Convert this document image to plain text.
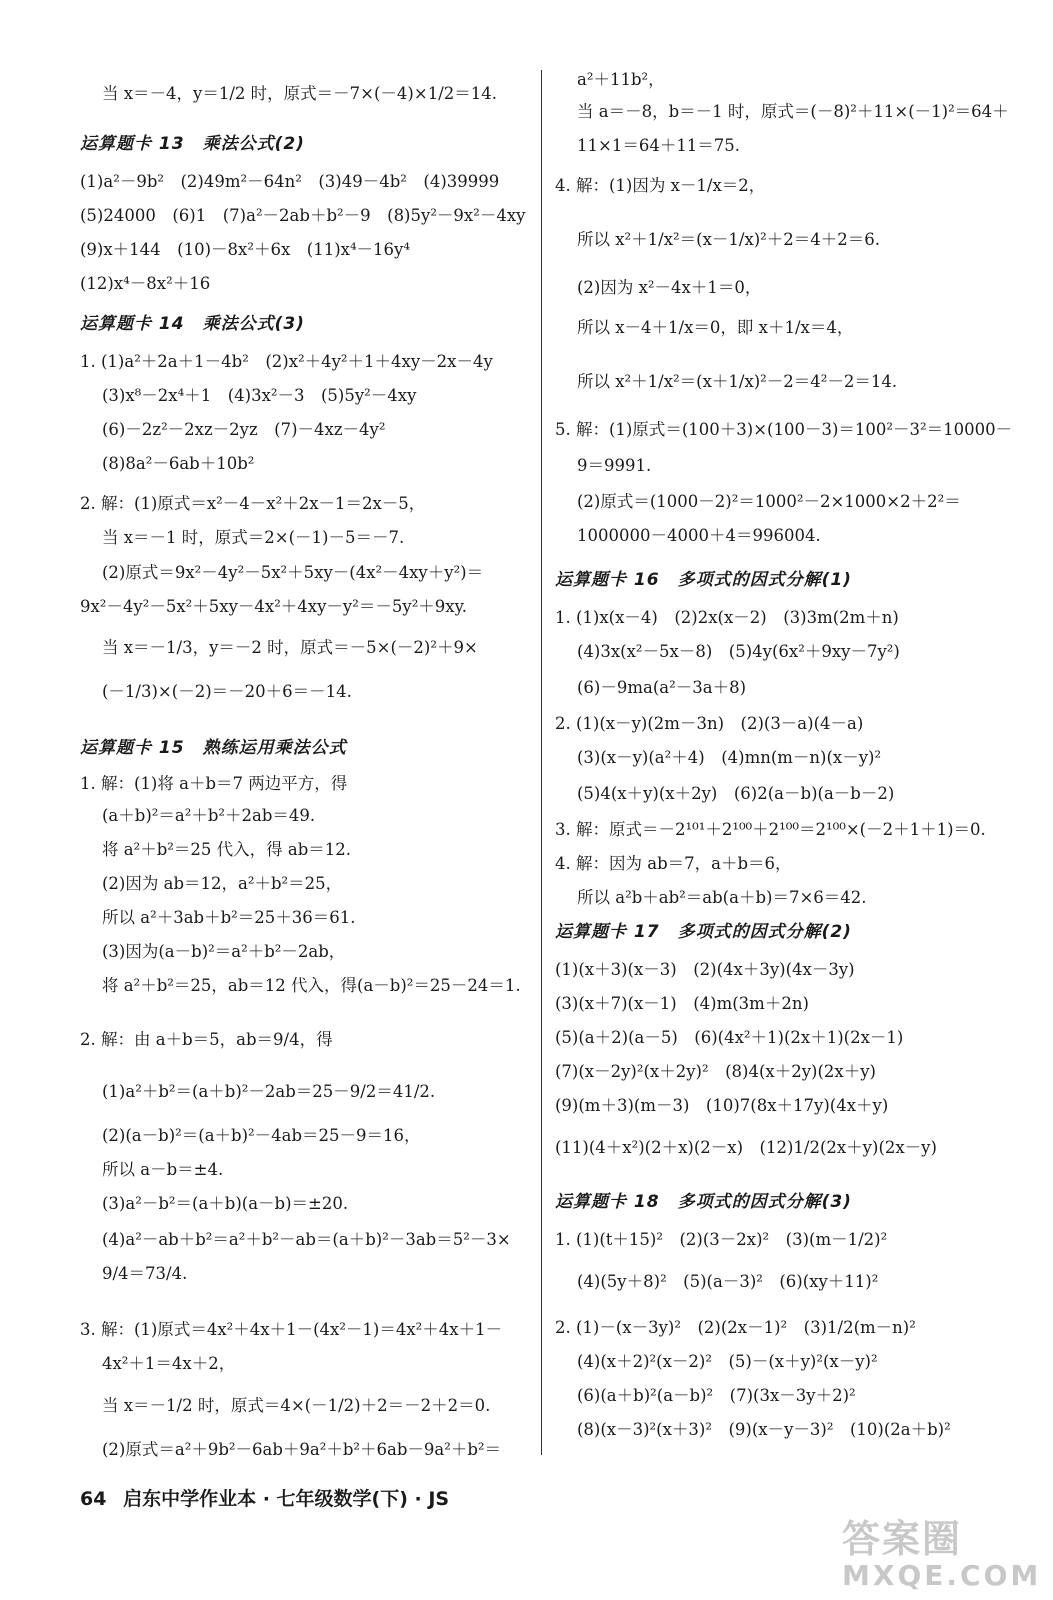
当 x＝－4，y＝1/2 时，原式＝－7×(－4)×1/2＝14.
运算题卡 13　乘法公式(2)
(1)a²－9b²　(2)49m²－64n²　(3)49－4b²　(4)39999
(5)24000　(6)1　(7)a²－2ab＋b²－9　(8)5y²－9x²－4xy
(9)x＋144　(10)－8x²＋6x　(11)x⁴－16y⁴
(12)x⁴－8x²＋16
运算题卡 14　乘法公式(3)
1. (1)a²＋2a＋1－4b²　(2)x²＋4y²＋1＋4xy－2x－4y
(3)x⁸－2x⁴＋1　(4)3x²－3　(5)5y²－4xy
(6)－2z²－2xz－2yz　(7)－4xz－4y²
(8)8a²－6ab＋10b²
2. 解：(1)原式＝x²－4－x²＋2x－1＝2x－5，
当 x＝－1 时，原式＝2×(－1)－5＝－7.
(2)原式＝9x²－4y²－5x²＋5xy－(4x²－4xy＋y²)＝
9x²－4y²－5x²＋5xy－4x²＋4xy－y²＝－5y²＋9xy.
当 x＝－1/3，y＝－2 时，原式＝－5×(－2)²＋9×
(－1/3)×(－2)＝－20＋6＝－14.
运算题卡 15　熟练运用乘法公式
1. 解：(1)将 a＋b＝7 两边平方，得
(a＋b)²＝a²＋b²＋2ab＝49.
将 a²＋b²＝25 代入，得 ab＝12.
(2)因为 ab＝12，a²＋b²＝25，
所以 a²＋3ab＋b²＝25＋36＝61.
(3)因为(a－b)²＝a²＋b²－2ab，
将 a²＋b²＝25，ab＝12 代入，得(a－b)²＝25－24＝1.
2. 解：由 a＋b＝5，ab＝9/4，得
(1)a²＋b²＝(a＋b)²－2ab＝25－9/2＝41/2.
(2)(a－b)²＝(a＋b)²－4ab＝25－9＝16，
所以 a－b＝±4.
(3)a²－b²＝(a＋b)(a－b)＝±20.
(4)a²－ab＋b²＝a²＋b²－ab＝(a＋b)²－3ab＝5²－3×
9/4＝73/4.
3. 解：(1)原式＝4x²＋4x＋1－(4x²－1)＝4x²＋4x＋1－
4x²＋1＝4x＋2，
当 x＝－1/2 时，原式＝4×(－1/2)＋2＝－2＋2＝0.
(2)原式＝a²＋9b²－6ab＋9a²＋b²＋6ab－9a²＋b²＝
a²＋11b²，
当 a＝－8，b＝－1 时，原式＝(－8)²＋11×(－1)²＝64＋
11×1＝64＋11＝75.
4. 解：(1)因为 x－1/x＝2，
所以 x²＋1/x²＝(x－1/x)²＋2＝4＋2＝6.
(2)因为 x²－4x＋1＝0，
所以 x－4＋1/x＝0，即 x＋1/x＝4，
所以 x²＋1/x²＝(x＋1/x)²－2＝4²－2＝14.
5. 解：(1)原式＝(100＋3)×(100－3)＝100²－3²＝10000－
9＝9991.
(2)原式＝(1000－2)²＝1000²－2×1000×2＋2²＝
1000000－4000＋4＝996004.
运算题卡 16　多项式的因式分解(1)
1. (1)x(x－4)　(2)2x(x－2)　(3)3m(2m＋n)
(4)3x(x²－5x－8)　(5)4y(6x²＋9xy－7y²)
(6)－9ma(a²－3a＋8)
2. (1)(x－y)(2m－3n)　(2)(3－a)(4－a)
(3)(x－y)(a²＋4)　(4)mn(m－n)(x－y)²
(5)4(x＋y)(x＋2y)　(6)2(a－b)(a－b－2)
3. 解：原式＝－2¹⁰¹＋2¹⁰⁰＋2¹⁰⁰＝2¹⁰⁰×(－2＋1＋1)＝0.
4. 解：因为 ab＝7，a＋b＝6，
所以 a²b＋ab²＝ab(a＋b)＝7×6＝42.
运算题卡 17　多项式的因式分解(2)
(1)(x＋3)(x－3)　(2)(4x＋3y)(4x－3y)
(3)(x＋7)(x－1)　(4)m(3m＋2n)
(5)(a＋2)(a－5)　(6)(4x²＋1)(2x＋1)(2x－1)
(7)(x－2y)²(x＋2y)²　(8)4(x＋2y)(2x＋y)
(9)(m＋3)(m－3)　(10)7(8x＋17y)(4x＋y)
(11)(4＋x²)(2＋x)(2－x)　(12)1/2(2x＋y)(2x－y)
运算题卡 18　多项式的因式分解(3)
1. (1)(t＋15)²　(2)(3－2x)²　(3)(m－1/2)²
(4)(5y＋8)²　(5)(a－3)²　(6)(xy＋11)²
2. (1)－(x－3y)²　(2)(2x－1)²　(3)1/2(m－n)²
(4)(x＋2)²(x－2)²　(5)－(x＋y)²(x－y)²
(6)(a＋b)²(a－b)²　(7)(3x－3y＋2)²
(8)(x－3)²(x＋3)²　(9)(x－y－3)²　(10)(2a＋b)²
64 启东中学作业本 · 七年级数学(下) · JS
答案圈
MXQE.COM
